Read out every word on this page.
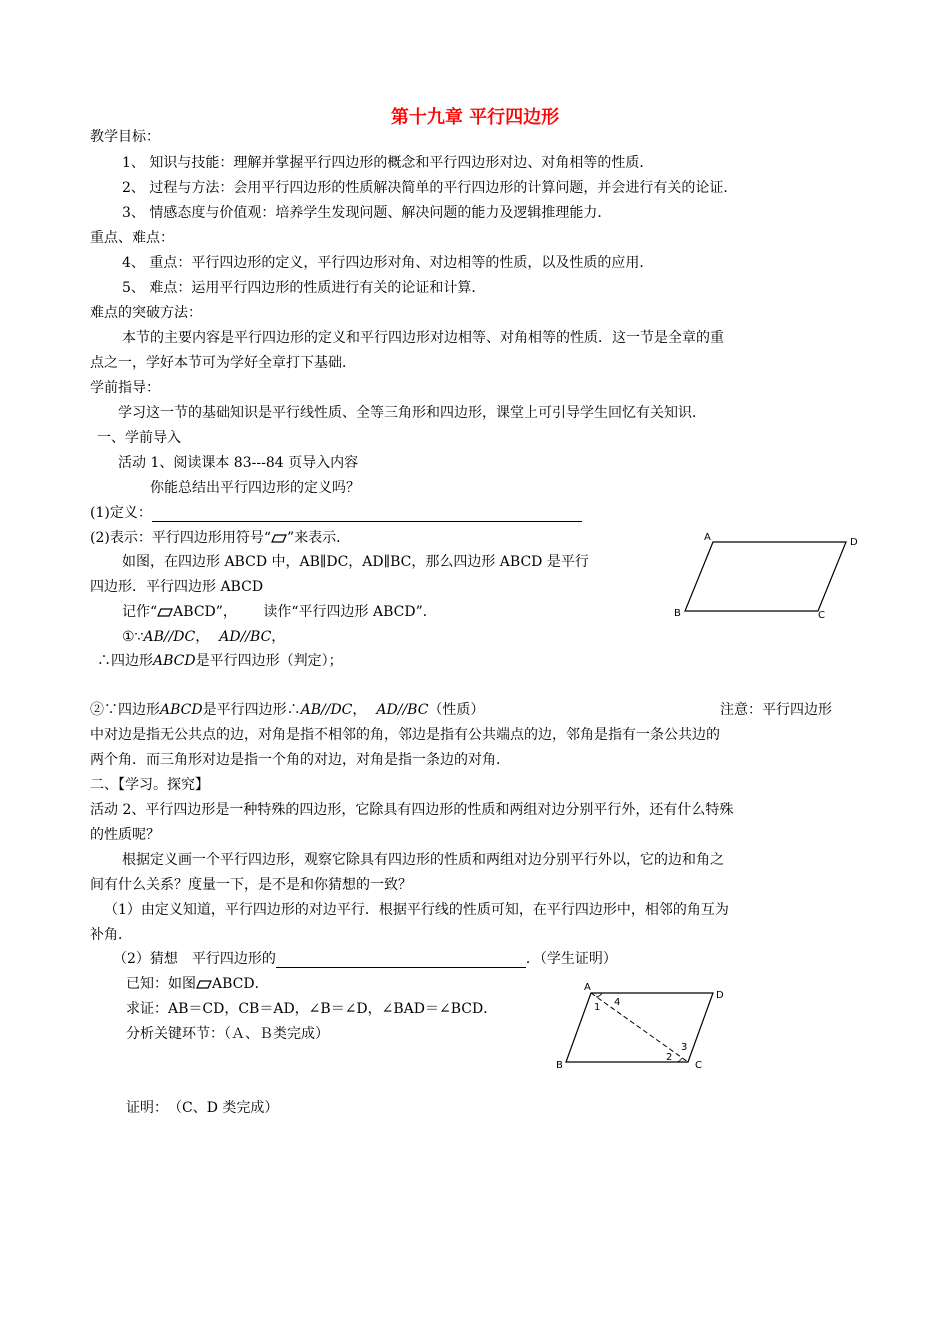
第十九章 平行四边形
教学目标：
1、 知识与技能：理解并掌握平行四边形的概念和平行四边形对边、对角相等的性质．
2、 过程与方法：会用平行四边形的性质解决简单的平行四边形的计算问题，并会进行有关的论证．
3、 情感态度与价值观：培养学生发现问题、解决问题的能力及逻辑推理能力．
重点、难点：
4、 重点：平行四边形的定义，平行四边形对角、对边相等的性质，以及性质的应用．
5、 难点：运用平行四边形的性质进行有关的论证和计算．
难点的突破方法：
本节的主要内容是平行四边形的定义和平行四边形对边相等、对角相等的性质．这一节是全章的重
点之一，学好本节可为学好全章打下基础．
学前指导：
学习这一节的基础知识是平行线性质、全等三角形和四边形，课堂上可引导学生回忆有关知识．
一、学前导入
活动 1、阅读课本 83---84 页导入内容
你能总结出平行四边形的定义吗？
(1)定义：
(2)表示：平行四边形用符号“ ”来表示．
如图，在四边形 ABCD 中，AB∥DC，AD∥BC，那么四边形 ABCD 是平行
四边形．平行四边形 ABCD
记作“ ABCD”， 读作“平行四边形 ABCD”．
①∵AB//DC， AD//BC，
∴四边形ABCD是平行四边形（判定）；
A	D
B	C
②∵四边形ABCD是平行四边形∴AB//DC， AD//BC（性质）	注意：平行四边形
中对边是指无公共点的边，对角是指不相邻的角，邻边是指有公共端点的边，邻角是指有一条公共边的
两个角．而三角形对边是指一个角的对边，对角是指一条边的对角．
二、【学习。探究】
活动 2、平行四边形是一种特殊的四边形，它除具有四边形的性质和两组对边分别平行外，还有什么特殊
的性质呢？
根据定义画一个平行四边形，观察它除具有四边形的性质和两组对边分别平行外以，它的边和角之
间有什么关系？度量一下，是不是和你猜想的一致？
（1）由定义知道，平行四边形的对边平行．根据平行线的性质可知，在平行四边形中，相邻的角互为
补角．
（2）猜想　平行四边形的	．（学生证明）
已知：如图 ABCD．
求证：AB＝CD，CB＝AD，∠B＝∠D，∠BAD＝∠BCD．
分析关键环节：（Ａ、Ｂ类完成）
A
D
B	C
1 4
2
3
证明：　（C、D 类完成）
